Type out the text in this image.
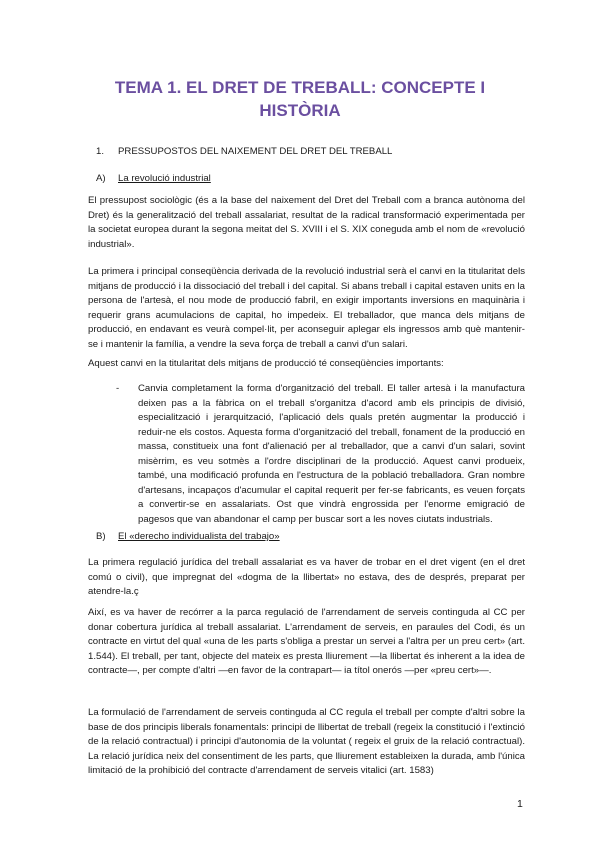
TEMA 1. EL DRET DE TREBALL: CONCEPTE I HISTÒRIA
1. PRESSUPOSTOS DEL NAIXEMENT DEL DRET DEL TREBALL
A) La revolució industrial

El pressupost sociològic (és a la base del naixement del Dret del Treball com a branca autònoma del Dret) és la generalització del treball assalariat, resultat de la radical transformació experimentada per la societat europea durant la segona meitat del S. XVIII i el S. XIX coneguda amb el nom de «revolució industrial».

La primera i principal conseqüència derivada de la revolució industrial serà el canvi en la titularitat dels mitjans de producció i la dissociació del treball i del capital. Si abans treball i capital estaven units en la persona de l'artesà, el nou mode de producció fabril, en exigir importants inversions en maquinària i requerir grans acumulacions de capital, ho impedeix. El treballador, que manca dels mitjans de producció, en endavant es veurà compel·lit, per aconseguir aplegar els ingressos amb què mantenir-se i mantenir la família, a vendre la seva força de treball a canvi d'un salari.

Aquest canvi en la titularitat dels mitjans de producció té conseqüències importants:

- Canvia completament la forma d'organització del treball. El taller artesà i la manufactura deixen pas a la fàbrica on el treball s'organitza d'acord amb els principis de divisió, especialització i jerarquització, l'aplicació dels quals pretén augmentar la producció i reduir-ne els costos. Aquesta forma d'organització del treball, fonament de la producció en massa, constitueix una font d'alienació per al treballador, que a canvi d'un salari, sovint misèrrim, es veu sotmès a l'ordre disciplinari de la producció. Aquest canvi produeix, també, una modificació profunda en l'estructura de la població treballadora. Gran nombre d'artesans, incapaços d'acumular el capital requerit per fer-se fabricants, es veuen forçats a convertir-se en assalariats. Ost que vindrà engrossida per l'enorme emigració de pagesos que van abandonar el camp per buscar sort a les noves ciutats industrials.

B) El «derecho individualista del trabajo»

La primera regulació jurídica del treball assalariat es va haver de trobar en el dret vigent (en el dret comú o civil), que impregnat del «dogma de la llibertat» no estava, des de després, preparat per atendre-la.ç

Així, es va haver de recórrer a la parca regulació de l'arrendament de serveis continguda al CC per donar cobertura jurídica al treball assalariat. L'arrendament de serveis, en paraules del Codi, és un contracte en virtut del qual «una de les parts s'obliga a prestar un servei a l'altra per un preu cert» (art. 1.544). El treball, per tant, objecte del mateix es presta lliurement —la llibertat és inherent a la idea de contracte—, per compte d'altri —en favor de la contrapart— ia títol onerós —per «preu cert»—.

La formulació de l'arrendament de serveis continguda al CC regula el treball per compte d'altri sobre la base de dos principis liberals fonamentals: principi de llibertat de treball (regeix la constitució i l'extinció de la relació contractual) i principi d'autonomia de la voluntat ( regeix el gruix de la relació contractual). La relació jurídica neix del consentiment de les parts, que lliurement estableixen la durada, amb l'única limitació de la prohibició del contracte d'arrendament de serveis vitalici (art. 1583)

1
